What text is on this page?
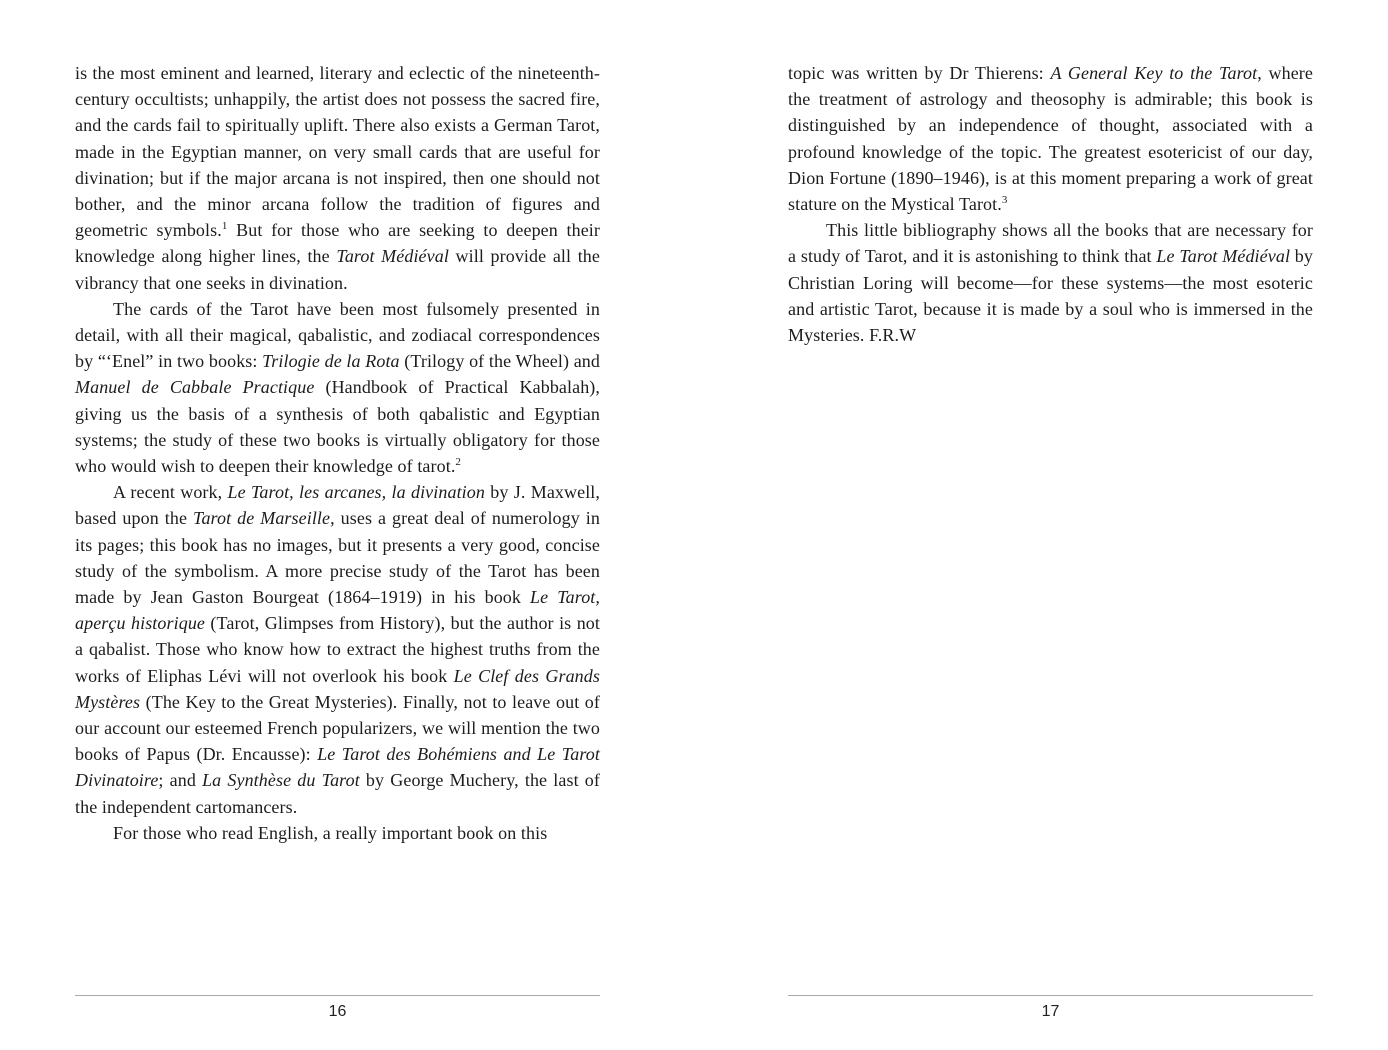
is the most eminent and learned, literary and eclectic of the nineteenth-century occultists; unhappily, the artist does not possess the sacred fire, and the cards fail to spiritually uplift. There also exists a German Tarot, made in the Egyptian manner, on very small cards that are useful for divination; but if the major arcana is not inspired, then one should not bother, and the minor arcana follow the tradition of figures and geometric symbols.$^1$ But for those who are seeking to deepen their knowledge along higher lines, the Tarot Médiéval will provide all the vibrancy that one seeks in divination.

The cards of the Tarot have been most fulsomely presented in detail, with all their magical, qabalistic, and zodiacal correspondences by “‘Enel” in two books: Trilogie de la Rota (Trilogy of the Wheel) and Manuel de Cabbale Practique (Handbook of Practical Kabbalah), giving us the basis of a synthesis of both qabalistic and Egyptian systems; the study of these two books is virtually obligatory for those who would wish to deepen their knowledge of tarot.$^2$

A recent work, Le Tarot, les arcanes, la divination by J. Maxwell, based upon the Tarot de Marseille, uses a great deal of numerology in its pages; this book has no images, but it presents a very good, concise study of the symbolism. A more precise study of the Tarot has been made by Jean Gaston Bourgeat (1864–1919) in his book Le Tarot, aperçu historique (Tarot, Glimpses from History), but the author is not a qabalist. Those who know how to extract the highest truths from the works of Eliphas Lévi will not overlook his book Le Clef des Grands Mystères (The Key to the Great Mysteries). Finally, not to leave out of our account our esteemed French popularizers, we will mention the two books of Papus (Dr. Encausse): Le Tarot des Bohémiens and Le Tarot Divinatoire; and La Synthèse du Tarot by George Muchery, the last of the independent cartomancers.

For those who read English, a really important book on this

16

topic was written by Dr Thierens: A General Key to the Tarot, where the treatment of astrology and theosophy is admirable; this book is distinguished by an independence of thought, associated with a profound knowledge of the topic. The greatest esotericist of our day, Dion Fortune (1890–1946), is at this moment preparing a work of great stature on the Mystical Tarot.$^3$

This little bibliography shows all the books that are necessary for a study of Tarot, and it is astonishing to think that Le Tarot Médiéval by Christian Loring will become—for these systems—the most esoteric and artistic Tarot, because it is made by a soul who is immersed in the Mysteries. F.R.W

17
